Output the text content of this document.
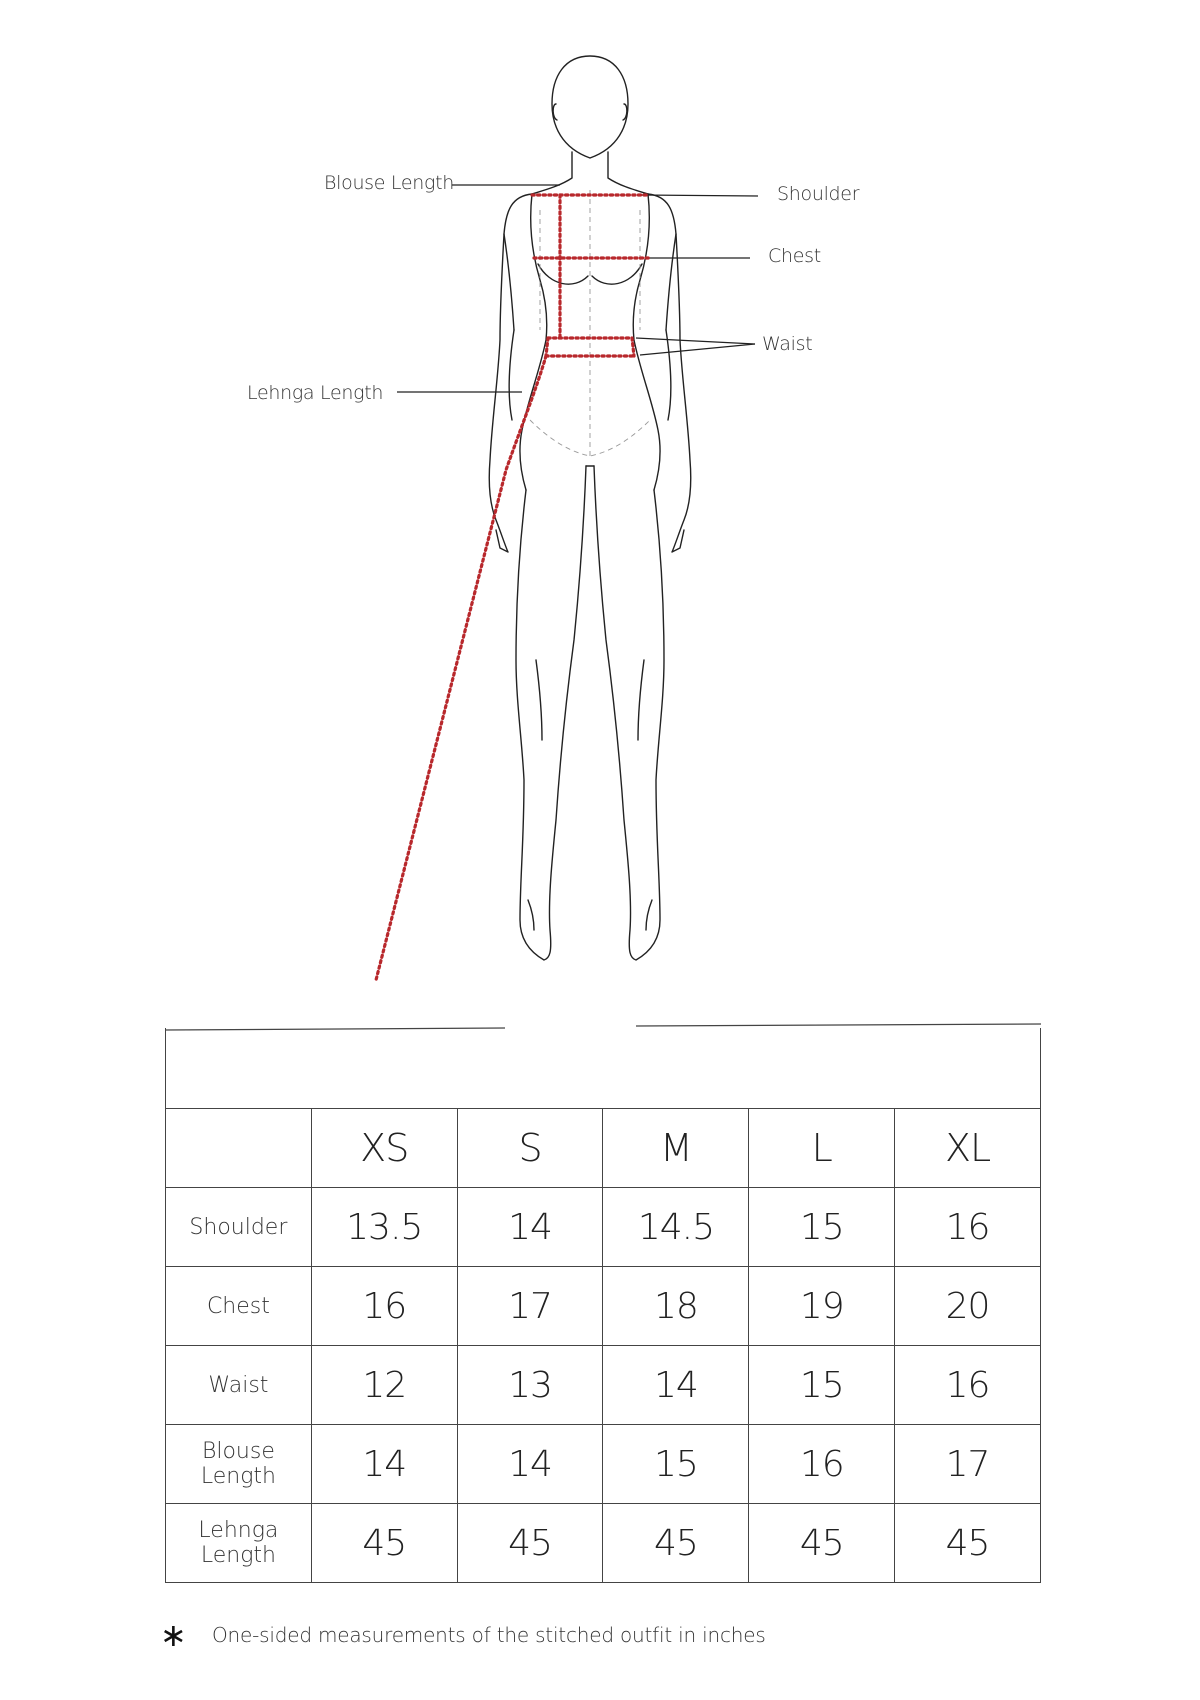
Blouse Length	Shoulder
Chest
Waist
Lehnga Length

	XS	S	M	L	XL
Shoulder	13.5	14	14.5	15	16
Chest	16	17	18	19	20
Waist	12	13	14	15	16

Blouse
Length	14	14	15	16	17

Lehnga
Length	45	45	45	45	45
∗ One-sided measurements of the stitched outfit in inches
